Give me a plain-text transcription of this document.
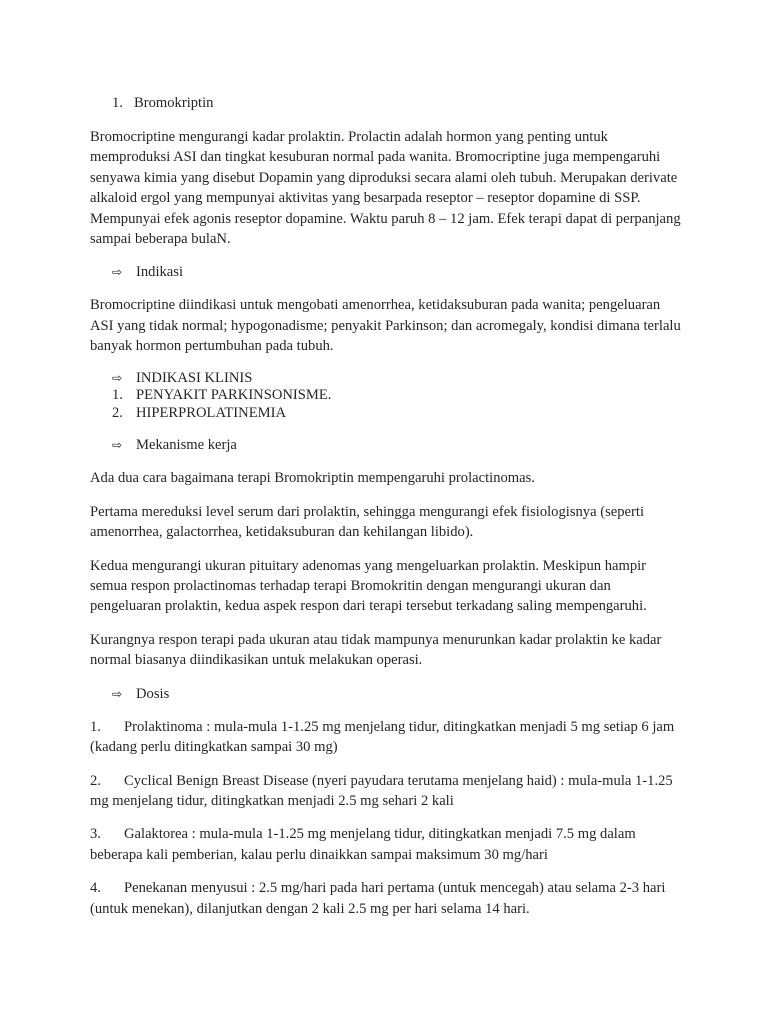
1. Bromokriptin

Bromocriptine mengurangi kadar prolaktin. Prolactin adalah hormon yang penting untuk memproduksi ASI dan tingkat kesuburan normal pada wanita. Bromocriptine juga mempengaruhi senyawa kimia yang disebut Dopamin yang diproduksi secara alami oleh tubuh. Merupakan derivate alkaloid ergol yang mempunyai aktivitas yang besarpada reseptor – reseptor dopamine di SSP. Mempunyai efek agonis reseptor dopamine. Waktu paruh 8 – 12 jam. Efek terapi dapat di perpanjang sampai beberapa bulaN.

⇨ Indikasi

Bromocriptine diindikasi untuk mengobati amenorrhea, ketidaksuburan pada wanita; pengeluaran ASI yang tidak normal; hypogonadisme; penyakit Parkinson; dan acromegaly, kondisi dimana terlalu banyak hormon pertumbuhan pada tubuh.

⇨ INDIKASI KLINIS
1. PENYAKIT PARKINSONISME.
2. HIPERPROLATINEMIA
⇨ Mekanisme kerja

Ada dua cara bagaimana terapi Bromokriptin mempengaruhi prolactinomas.

Pertama mereduksi level serum dari prolaktin, sehingga mengurangi efek fisiologisnya (seperti amenorrhea, galactorrhea, ketidaksuburan dan kehilangan libido).

Kedua mengurangi ukuran pituitary adenomas yang mengeluarkan prolaktin. Meskipun hampir semua respon prolactinomas terhadap terapi Bromokritin dengan mengurangi ukuran dan pengeluaran prolaktin, kedua aspek respon dari terapi tersebut terkadang saling mempengaruhi.

Kurangnya respon terapi pada ukuran atau tidak mampunya menurunkan kadar prolaktin ke kadar normal biasanya diindikasikan untuk melakukan operasi.

⇨ Dosis

1. Prolaktinoma : mula-mula 1-1.25 mg menjelang tidur, ditingkatkan menjadi 5 mg setiap 6 jam (kadang perlu ditingkatkan sampai 30 mg)

2. Cyclical Benign Breast Disease (nyeri payudara terutama menjelang haid) : mula-mula 1-1.25 mg menjelang tidur, ditingkatkan menjadi 2.5 mg sehari 2 kali

3. Galaktorea : mula-mula 1-1.25 mg menjelang tidur, ditingkatkan menjadi 7.5 mg dalam beberapa kali pemberian, kalau perlu dinaikkan sampai maksimum 30 mg/hari

4. Penekanan menyusui : 2.5 mg/hari pada hari pertama (untuk mencegah) atau selama 2-3 hari (untuk menekan), dilanjutkan dengan 2 kali 2.5 mg per hari selama 14 hari.
